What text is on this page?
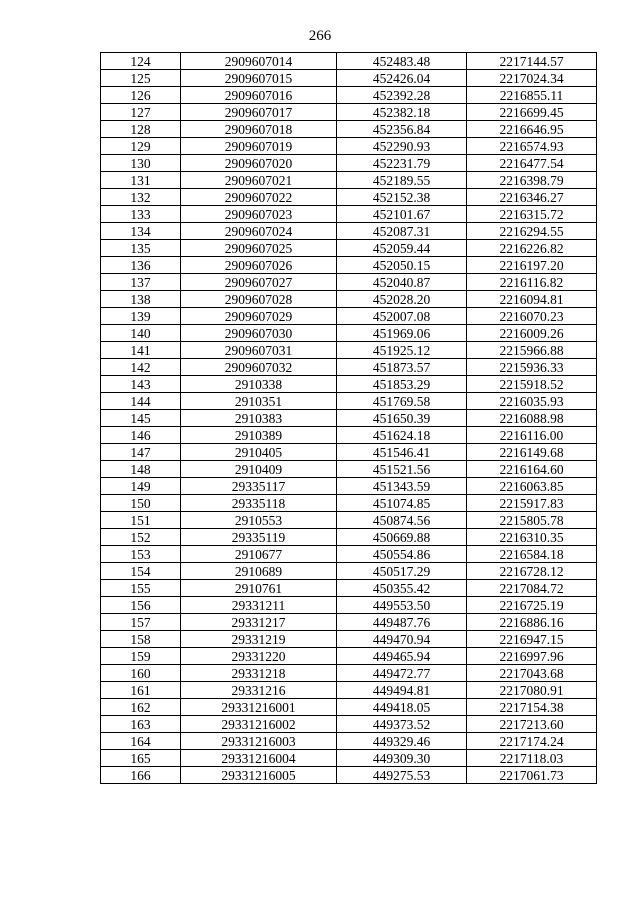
266
124	2909607014	452483.48	2217144.57
125	2909607015	452426.04	2217024.34
126	2909607016	452392.28	2216855.11
127	2909607017	452382.18	2216699.45
128	2909607018	452356.84	2216646.95
129	2909607019	452290.93	2216574.93
130	2909607020	452231.79	2216477.54
131	2909607021	452189.55	2216398.79
132	2909607022	452152.38	2216346.27
133	2909607023	452101.67	2216315.72
134	2909607024	452087.31	2216294.55
135	2909607025	452059.44	2216226.82
136	2909607026	452050.15	2216197.20
137	2909607027	452040.87	2216116.82
138	2909607028	452028.20	2216094.81
139	2909607029	452007.08	2216070.23
140	2909607030	451969.06	2216009.26
141	2909607031	451925.12	2215966.88
142	2909607032	451873.57	2215936.33
143	2910338	451853.29	2215918.52
144	2910351	451769.58	2216035.93
145	2910383	451650.39	2216088.98
146	2910389	451624.18	2216116.00
147	2910405	451546.41	2216149.68
148	2910409	451521.56	2216164.60
149	29335117	451343.59	2216063.85
150	29335118	451074.85	2215917.83
151	2910553	450874.56	2215805.78
152	29335119	450669.88	2216310.35
153	2910677	450554.86	2216584.18
154	2910689	450517.29	2216728.12
155	2910761	450355.42	2217084.72
156	29331211	449553.50	2216725.19
157	29331217	449487.76	2216886.16
158	29331219	449470.94	2216947.15
159	29331220	449465.94	2216997.96
160	29331218	449472.77	2217043.68
161	29331216	449494.81	2217080.91
162	29331216001	449418.05	2217154.38
163	29331216002	449373.52	2217213.60
164	29331216003	449329.46	2217174.24
165	29331216004	449309.30	2217118.03
166	29331216005	449275.53	2217061.73
